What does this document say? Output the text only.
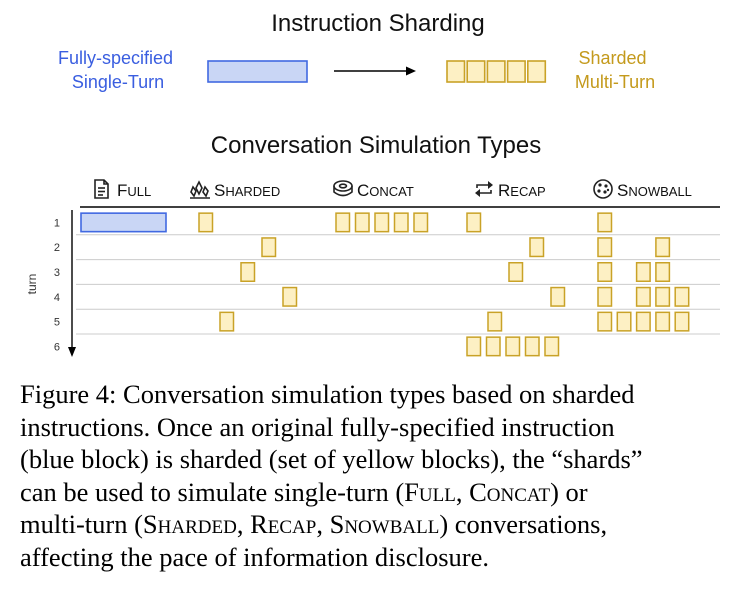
Instruction Sharding
Fully-specified Single-Turn
Sharded Multi-Turn
Conversation Simulation Types
FULL	SHARDED	CONCAT	RECAP	SNOWBALL
1
2
3
4
5
6
turn
Figure 4: Conversation simulation types based on sharded
instructions. Once an original fully-specified instruction
(blue block) is sharded (set of yellow blocks), the “shards”
can be used to simulate single-turn (Full, Concat) or
multi-turn (Sharded, Recap, Snowball) conversations,
affecting the pace of information disclosure.
